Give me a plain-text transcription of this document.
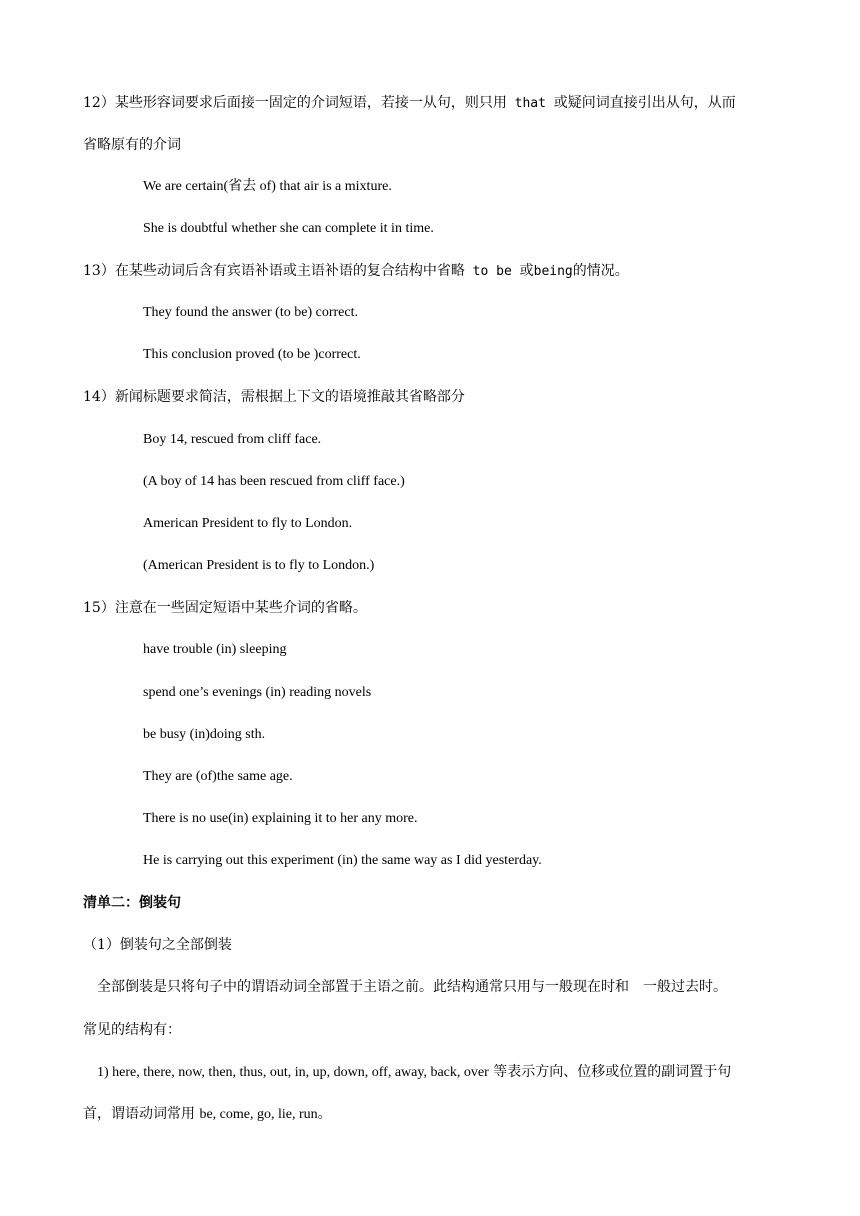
12）某些形容词要求后面接一固定的介词短语，若接一从句，则只用 that 或疑问词直接引出从句，从而
省略原有的介词
We are certain(省去 of) that air is a mixture.
She is doubtful whether she can complete it in time.
13）在某些动词后含有宾语补语或主语补语的复合结构中省略 to be 或being的情况。
They found the answer (to be) correct.
This conclusion proved (to be )correct.
14）新闻标题要求简洁，需根据上下文的语境推敲其省略部分
Boy 14, rescued from cliff face.
(A boy of 14 has been rescued from cliff face.)
American President to fly to London.
(American President is to fly to London.)
15）注意在一些固定短语中某些介词的省略。
have trouble (in) sleeping
spend one’s evenings (in) reading novels
be busy (in)doing sth.
They are (of)the same age.
There is no use(in) explaining it to her any more.
He is carrying out this experiment (in) the same way as I did yesterday.
清单二：倒装句
（1）倒装句之全部倒装
全部倒装是只将句子中的谓语动词全部置于主语之前。此结构通常只用与一般现在时和　一般过去时。
常见的结构有：
1) here, there, now, then, thus, out, in, up, down, off, away, back, over 等表示方向、位移或位置的副词置于句
首，谓语动词常用 be, come, go, lie, run。
